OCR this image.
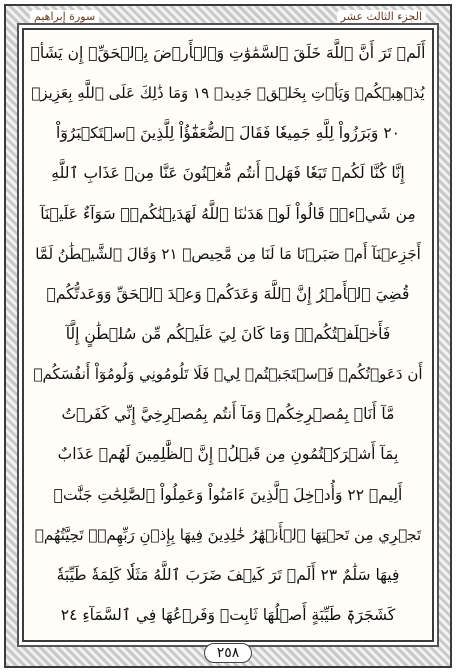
الجزء الثالث عشر
سورة إبراهيم
أَلَمۡ تَرَ أَنَّ ٱللَّهَ خَلَقَ ٱلسَّمَٰوَٰتِ وَٱلۡأَرۡضَ بِٱلۡحَقِّۚ إِن يَشَأۡ
يُذۡهِبۡكُمۡ وَيَأۡتِ بِخَلۡقٖ جَدِيدٖ ١٩ وَمَا ذَٰلِكَ عَلَى ٱللَّهِ بِعَزِيزٖ
٢٠ وَبَرَزُواْ لِلَّهِ جَمِيعٗا فَقَالَ ٱلضُّعَفَٰٓؤُاْ لِلَّذِينَ ٱسۡتَكۡبَرُوٓاْ
إِنَّا كُنَّا لَكُمۡ تَبَعٗا فَهَلۡ أَنتُم مُّغۡنُونَ عَنَّا مِنۡ عَذَابِ ٱللَّهِ
مِن شَيۡءٖۚ قَالُواْ لَوۡ هَدَىٰنَا ٱللَّهُ لَهَدَيۡنَٰكُمۡۖ سَوَآءٌ عَلَيۡنَآ
أَجَزِعۡنَآ أَمۡ صَبَرۡنَا مَا لَنَا مِن مَّحِيصٖ ٢١ وَقَالَ ٱلشَّيۡطَٰنُ لَمَّا
قُضِيَ ٱلۡأَمۡرُ إِنَّ ٱللَّهَ وَعَدَكُمۡ وَعۡدَ ٱلۡحَقِّ وَوَعَدتُّكُمۡ
فَأَخۡلَفۡتُكُمۡۖ وَمَا كَانَ لِيَ عَلَيۡكُم مِّن سُلۡطَٰنٍ إِلَّآ
أَن دَعَوۡتُكُمۡ فَٱسۡتَجَبۡتُمۡ لِيۖ فَلَا تَلُومُونِي وَلُومُوٓاْ أَنفُسَكُمۖ
مَّآ أَنَا۠ بِمُصۡرِخِكُمۡ وَمَآ أَنتُم بِمُصۡرِخِيَّ إِنِّي كَفَرۡتُ
بِمَآ أَشۡرَكۡتُمُونِ مِن قَبۡلُۗ إِنَّ ٱلظَّٰلِمِينَ لَهُمۡ عَذَابٌ
أَلِيمٞ ٢٢ وَأُدۡخِلَ ٱلَّذِينَ ءَامَنُواْ وَعَمِلُواْ ٱلصَّٰلِحَٰتِ جَنَّٰتٖ
تَجۡرِي مِن تَحۡتِهَا ٱلۡأَنۡهَٰرُ خَٰلِدِينَ فِيهَا بِإِذۡنِ رَبِّهِمۡۖ تَحِيَّتُهُمۡ
فِيهَا سَلَٰمٌ ٢٣ أَلَمۡ تَرَ كَيۡفَ ضَرَبَ ٱللَّهُ مَثَلٗا كَلِمَةٗ طَيِّبَةٗ
كَشَجَرَةٖ طَيِّبَةٍ أَصۡلُهَا ثَابِتٞ وَفَرۡعُهَا فِي ٱلسَّمَآءِ ٢٤
٢٥٨
